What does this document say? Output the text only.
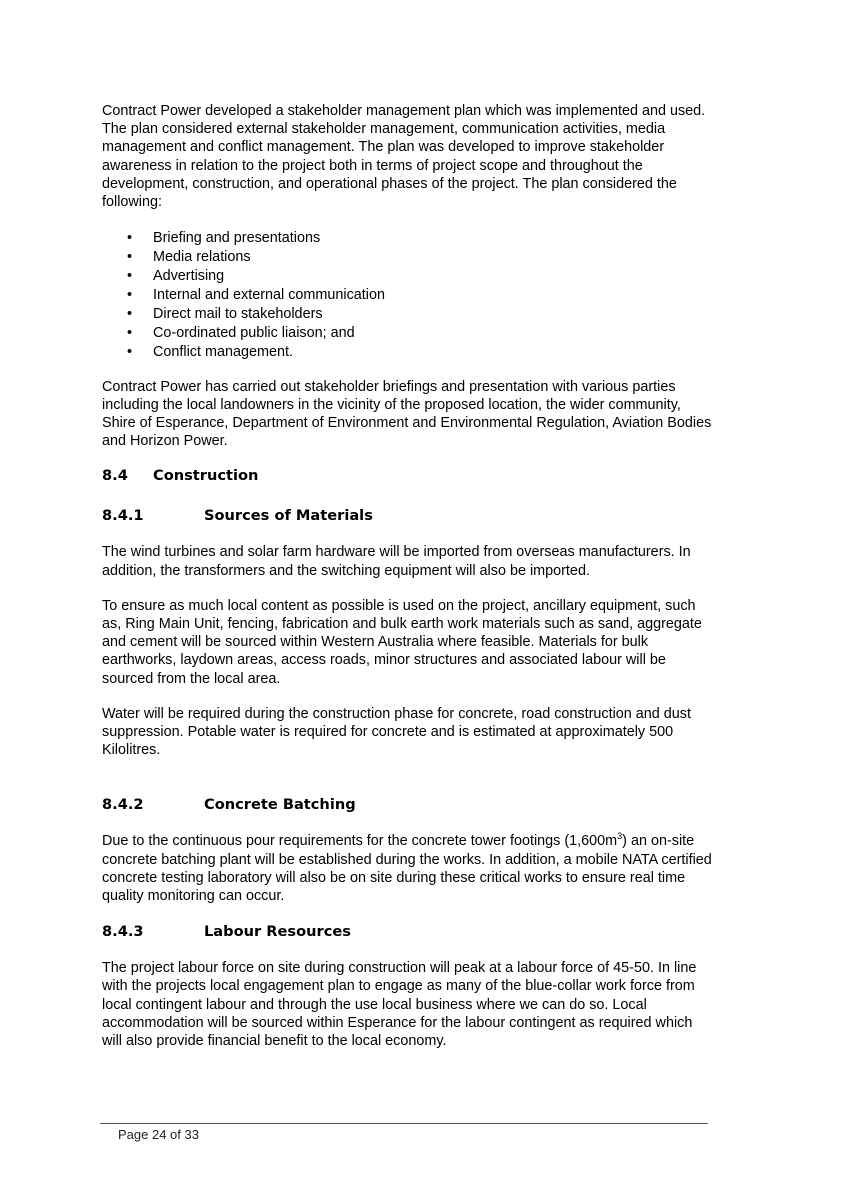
Contract Power developed a stakeholder management plan which was implemented and used. The plan considered external stakeholder management, communication activities, media management and conflict management. The plan was developed to improve stakeholder awareness in relation to the project both in terms of project scope and throughout the development, construction, and operational phases of the project. The plan considered the following:

• Briefing and presentations
• Media relations
• Advertising
• Internal and external communication
• Direct mail to stakeholders
• Co-ordinated public liaison; and
• Conflict management.

Contract Power has carried out stakeholder briefings and presentation with various parties including the local landowners in the vicinity of the proposed location, the wider community, Shire of Esperance, Department of Environment and Environmental Regulation, Aviation Bodies and Horizon Power.

8.4	Construction
8.4.1	Sources of Materials

The wind turbines and solar farm hardware will be imported from overseas manufacturers. In addition, the transformers and the switching equipment will also be imported.

To ensure as much local content as possible is used on the project, ancillary equipment, such as, Ring Main Unit, fencing, fabrication and bulk earth work materials such as sand, aggregate and cement will be sourced within Western Australia where feasible. Materials for bulk earthworks, laydown areas, access roads, minor structures and associated labour will be sourced from the local area.

Water will be required during the construction phase for concrete, road construction and dust suppression. Potable water is required for concrete and is estimated at approximately 500 Kilolitres.

8.4.2	Concrete Batching

Due to the continuous pour requirements for the concrete tower footings $(1,600m^3)$ an on-site concrete batching plant will be established during the works. In addition, a mobile NATA certified concrete testing laboratory will also be on site during these critical works to ensure real time quality monitoring can occur.

8.4.3	Labour Resources

The project labour force on site during construction will peak at a labour force of 45-50. In line with the projects local engagement plan to engage as many of the blue-collar work force from local contingent labour and through the use local business where we can do so. Local accommodation will be sourced within Esperance for the labour contingent as required which will also provide financial benefit to the local economy.

Page 24 of 33
